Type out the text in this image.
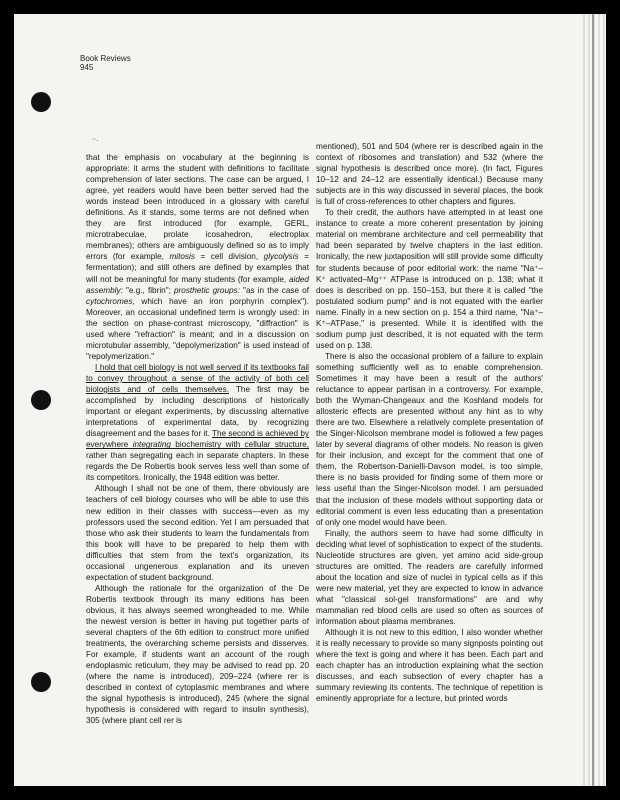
Book Reviews
945
⁻·

that the emphasis on vocabulary at the beginning is appropriate: it arms the student with definitions to facilitate comprehension of later sections. The case can be argued, I agree, yet readers would have been better served had the words instead been introduced in a glossary with careful definitions. As it stands, some terms are not defined when they are first introduced (for example, GERL, microtrabeculae, prolate icosahedron, electroplax membranes); others are ambiguously defined so as to imply errors (for example, mitosis = cell division, glycolysis = fermentation); and still others are defined by examples that will not be meaningful for many students (for example, aided assembly: "e.g., fibrin"; prosthetic groups: "as in the case of cytochromes, which have an iron porphyrin complex"). Moreover, an occasional undefined term is wrongly used: in the section on phase-contrast microscopy, "diffraction" is used where "refraction" is meant; and in a discussion on microtubular assembly, "depolymerization" is used instead of "repolymerization."

I hold that cell biology is not well served if its textbooks fail to convey throughout a sense of the activity of both cell biologists and of cells themselves. The first may be accomplished by including descriptions of historically important or elegant experiments, by discussing alternative interpretations of experimental data, by recognizing disagreement and the bases for it. The second is achieved by everywhere integrating biochemistry with cellular structure, rather than segregating each in separate chapters. In these regards the De Robertis book serves less well than some of its competitors. Ironically, the 1948 edition was better.

Although I shall not be one of them, there obviously are teachers of cell biology courses who will be able to use this new edition in their classes with success—even as my professors used the second edition. Yet I am persuaded that those who ask their students to learn the fundamentals from this book will have to be prepared to help them with difficulties that stem from the text's organization, its occasional ungenerous explanation and its uneven expectation of student background.

Although the rationale for the organization of the De Robertis textbook through its many editions has been obvious, it has always seemed wrongheaded to me. While the newest version is better in having put together parts of several chapters of the 6th edition to construct more unified treatments, the overarching scheme persists and disserves. For example, if students want an account of the rough endoplasmic reticulum, they may be advised to read pp. 20 (where the name is introduced), 209–224 (where rer is described in context of cytoplasmic membranes and where the signal hypothesis is introduced), 245 (where the signal hypothesis is considered with regard to insulin synthesis), 305 (where plant cell rer is

mentioned), 501 and 504 (where rer is described again in the context of ribosomes and translation) and 532 (where the signal hypothesis is described once more). (In fact, Figures 10–12 and 24–12 are essentially identical.) Because many subjects are in this way discussed in several places, the book is full of cross-references to other chapters and figures.

To their credit, the authors have attempted in at least one instance to create a more coherent presentation by joining material on membrane architecture and cell permeability that had been separated by twelve chapters in the last edition. Ironically, the new juxtaposition will still provide some difficulty for students because of poor editorial work: the name "Na⁺–K⁺ activated–Mg⁺⁺ ATPase is introduced on p. 138; what it does is described on pp. 150–153, but there it is called "the postulated sodium pump" and is not equated with the earlier name. Finally in a new section on p. 154 a third name, "Na⁺–K⁺–ATPase," is presented. While it is identified with the sodium pump just described, it is not equated with the term used on p. 138.

There is also the occasional problem of a failure to explain something sufficiently well as to enable comprehension. Sometimes it may have been a result of the authors' reluctance to appear partisan in a controversy. For example, both the Wyman-Changeaux and the Koshland models for allosteric effects are presented without any hint as to why there are two. Elsewhere a relatively complete presentation of the Singer-Nicolson membrane model is followed a few pages later by several diagrams of other models. No reason is given for their inclusion, and except for the comment that one of them, the Robertson-Danielli-Davson model, is too simple, there is no basis provided for finding some of them more or less useful than the Singer-Nicolson model. I am persuaded that the inclusion of these models without supporting data or editorial comment is even less educating than a presentation of only one model would have been.

Finally, the authors seem to have had some difficulty in deciding what level of sophistication to expect of the students. Nucleotide structures are given, yet amino acid side-group structures are omitted. The readers are carefully informed about the location and size of nuclei in typical cells as if this were new material, yet they are expected to know in advance what "classical sol-gel transformations" are and why mammalian red blood cells are used so often as sources of information about plasma membranes.

Although it is not new to this edition, I also wonder whether it is really necessary to provide so many signposts pointing out where the text is going and where it has been. Each part and each chapter has an introduction explaining what the section discusses, and each subsection of every chapter has a summary reviewing its contents. The technique of repetition is eminently appropriate for a lecture, but printed words
